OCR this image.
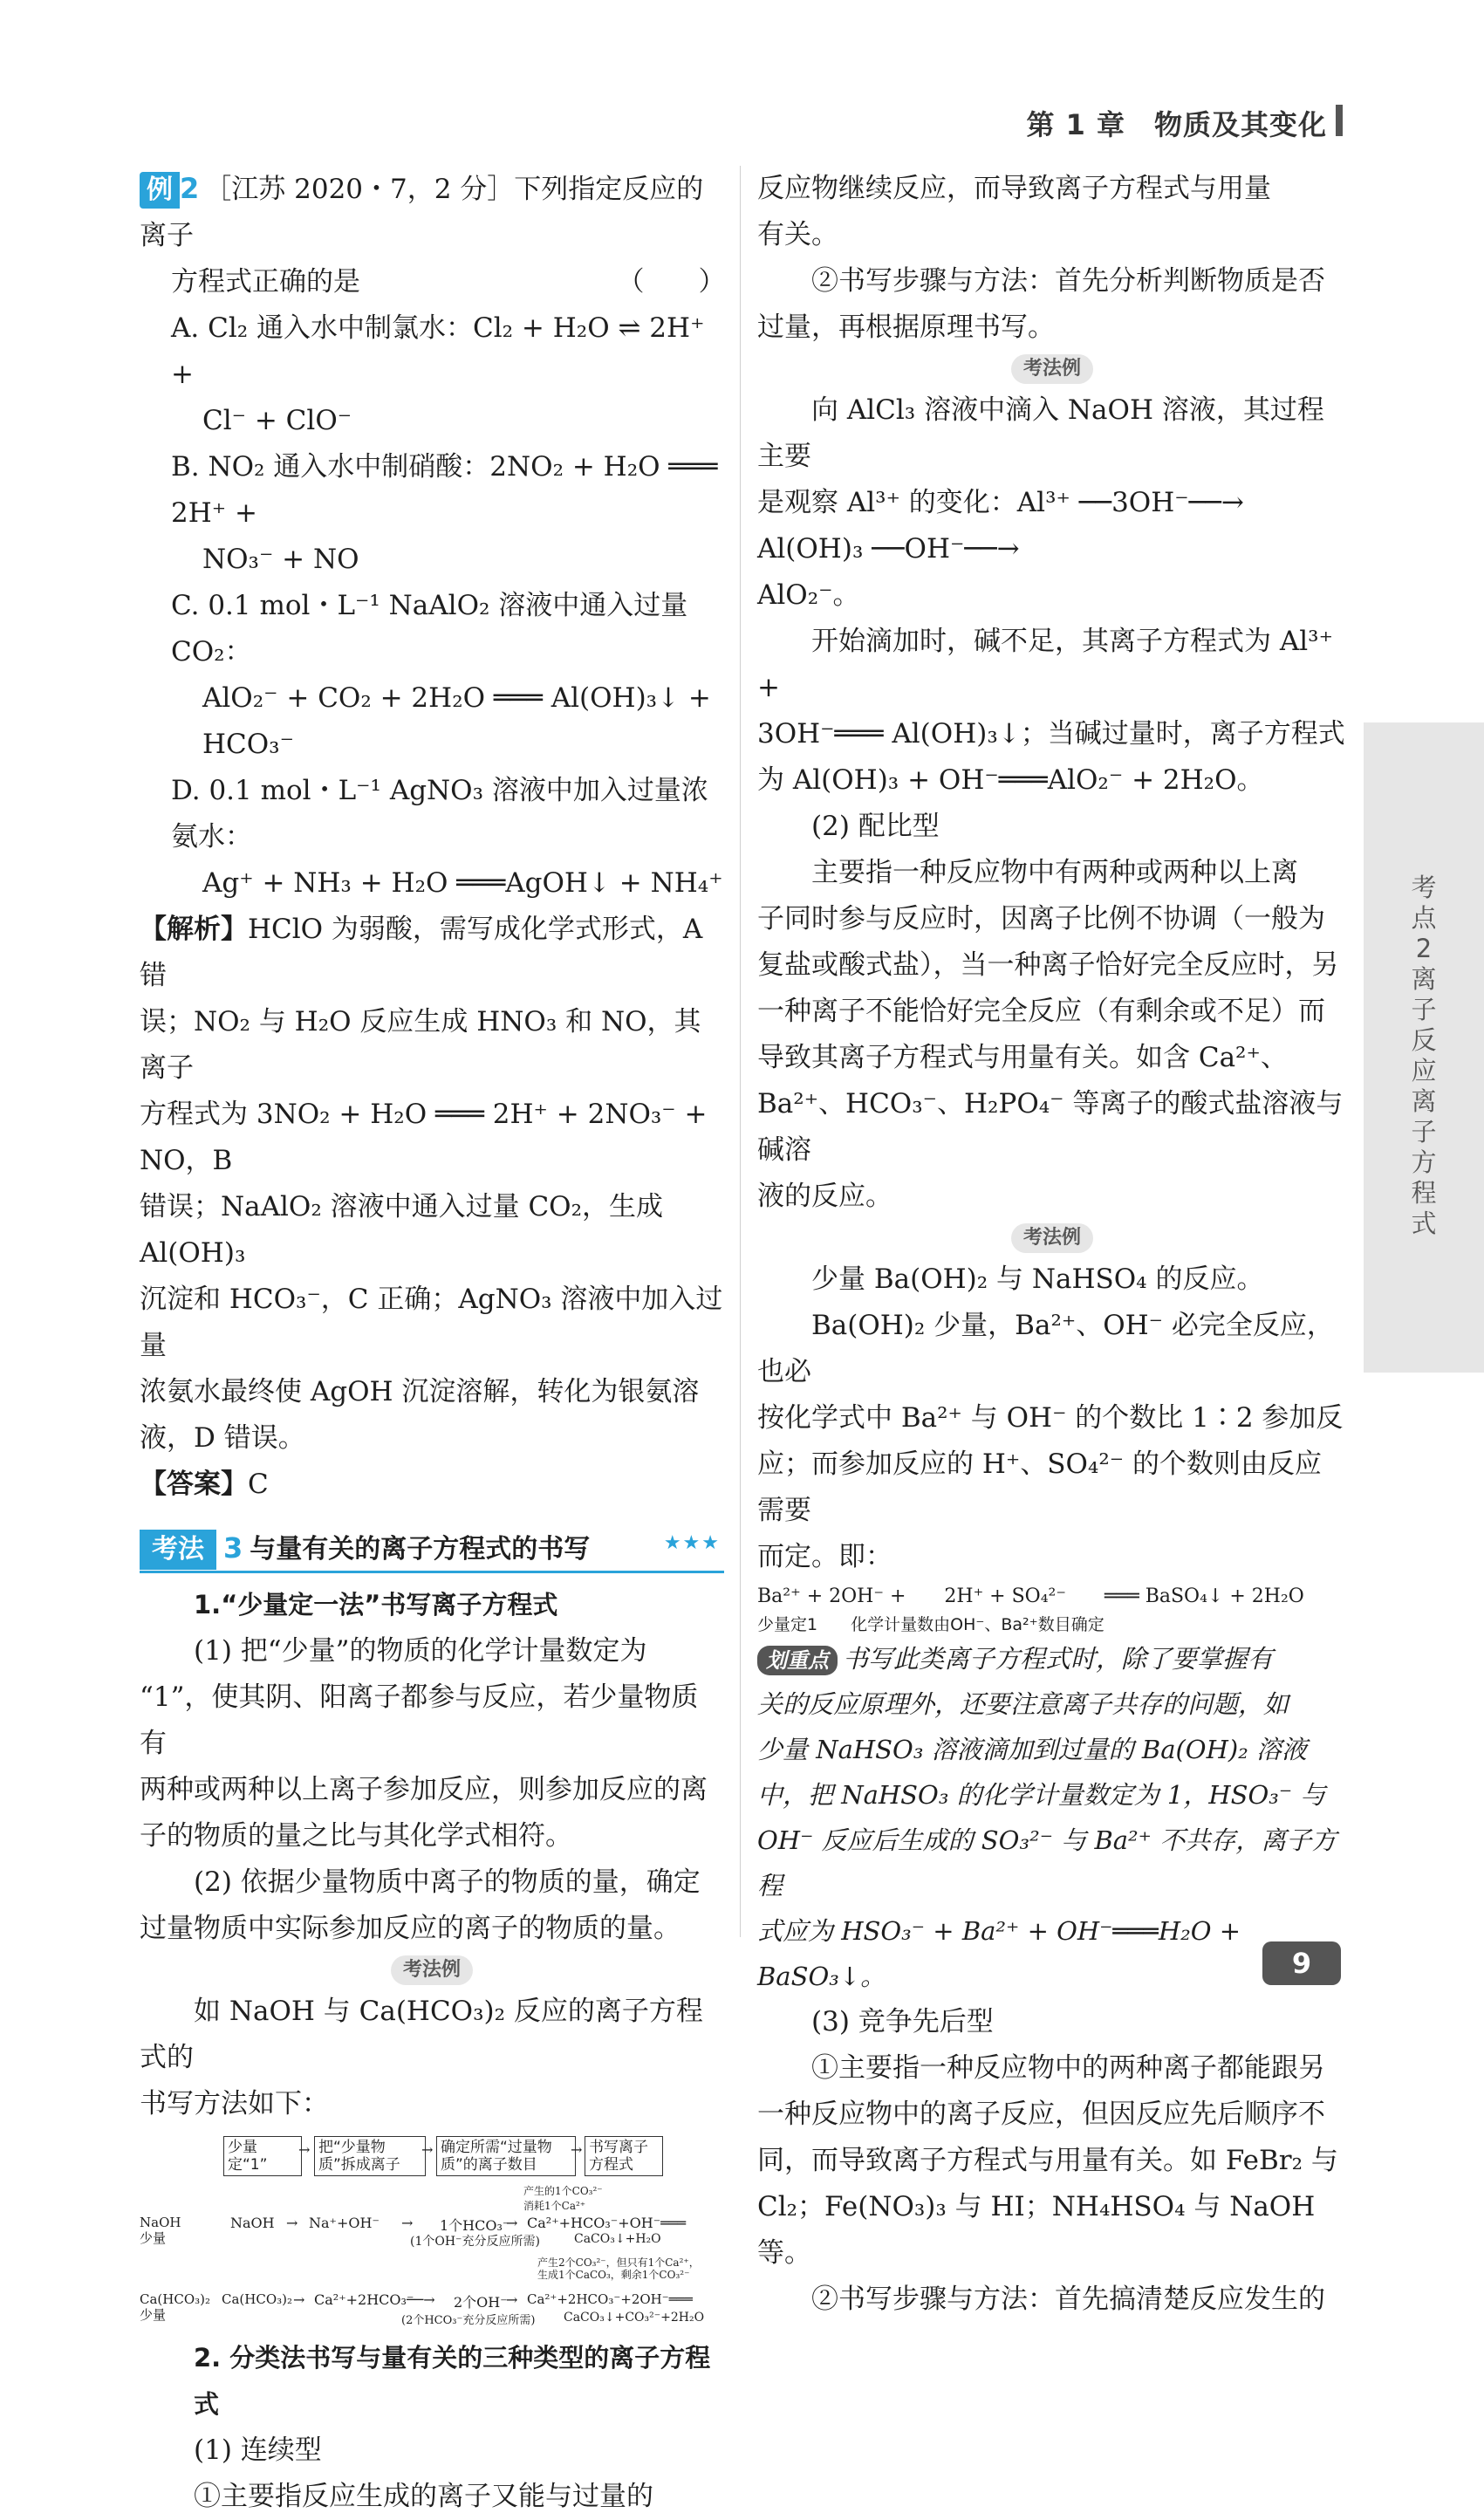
第 1 章　物质及其变化
例 2 ［江苏 2020・7，2 分］下列指定反应的离子

方程式正确的是　　　　　　　　　　（　　）

A. Cl₂ 通入水中制氯水：Cl₂ + H₂O ⇌ 2H⁺ +

Cl⁻ + ClO⁻

B. NO₂ 通入水中制硝酸：2NO₂ + H₂O ═══ 2H⁺ +

NO₃⁻ + NO

C. 0.1 mol・L⁻¹ NaAlO₂ 溶液中通入过量 CO₂：

AlO₂⁻ + CO₂ + 2H₂O ═══ Al(OH)₃↓ + HCO₃⁻

D. 0.1 mol・L⁻¹ AgNO₃ 溶液中加入过量浓氨水：

Ag⁺ + NH₃ + H₂O ═══AgOH↓ + NH₄⁺

【解析】HClO 为弱酸，需写成化学式形式，A 错

误；NO₂ 与 H₂O 反应生成 HNO₃ 和 NO，其离子

方程式为 3NO₂ + H₂O ═══ 2H⁺ + 2NO₃⁻ + NO，B

错误；NaAlO₂ 溶液中通入过量 CO₂，生成 Al(OH)₃

沉淀和 HCO₃⁻，C 正确；AgNO₃ 溶液中加入过量

浓氨水最终使 AgOH 沉淀溶解，转化为银氨溶

液，D 错误。

【答案】C

考法 3 与量有关的离子方程式的书写	★★★

1.“少量定一法”书写离子方程式

(1) 把“少量”的物质的化学计量数定为

“1”，使其阴、阳离子都参与反应，若少量物质有

两种或两种以上离子参加反应，则参加反应的离

子的物质的量之比与其化学式相符。

(2) 依据少量物质中离子的物质的量，确定

过量物质中实际参加反应的离子的物质的量。

考法例

如 NaOH 与 Ca(HCO₃)₂ 反应的离子方程式的

书写方法如下：

少量
定“1”
把“少量物
质”拆成离子
确定所需“过量物
质”的离子数目
书写离子
方程式
→	→	→
产生的1个CO₃²⁻
消耗1个Ca²⁺
NaOH
少量
NaOH → Na⁺+OH⁻ → 1个HCO₃⁻
→ Ca²⁺+HCO₃⁻+OH⁻═══
(1个OH⁻充分反应所需)	CaCO₃↓+H₂O
产生2个CO₃²⁻，但只有1个Ca²⁺，
生成1个CaCO₃，剩余1个CO₃²⁻
Ca(HCO₃)₂
少量
Ca(HCO₃)₂ → Ca²⁺+2HCO₃⁻
──→ 2个OH⁻
→ Ca²⁺+2HCO₃⁻+2OH⁻═══
(2个HCO₃⁻充分反应所需) CaCO₃↓+CO₃²⁻+2H₂O

2. 分类法书写与量有关的三种类型的离子方程式

(1) 连续型

①主要指反应生成的离子又能与过量的

反应物继续反应，而导致离子方程式与用量

有关。

②书写步骤与方法：首先分析判断物质是否

过量，再根据原理书写。

考法例

向 AlCl₃ 溶液中滴入 NaOH 溶液，其过程主要

是观察 Al³⁺ 的变化：Al³⁺ ──3OH⁻──→ Al(OH)₃ ──OH⁻──→

AlO₂⁻。

开始滴加时，碱不足，其离子方程式为 Al³⁺ +

3OH⁻═══ Al(OH)₃↓；当碱过量时，离子方程式

为 Al(OH)₃ + OH⁻═══AlO₂⁻ + 2H₂O。

(2) 配比型

主要指一种反应物中有两种或两种以上离

子同时参与反应时，因离子比例不协调（一般为

复盐或酸式盐），当一种离子恰好完全反应时，另

一种离子不能恰好完全反应（有剩余或不足）而

导致其离子方程式与用量有关。如含 Ca²⁺、

Ba²⁺、HCO₃⁻、H₂PO₄⁻ 等离子的酸式盐溶液与碱溶

液的反应。

考法例

少量 Ba(OH)₂ 与 NaHSO₄ 的反应。

Ba(OH)₂ 少量，Ba²⁺、OH⁻ 必完全反应，也必

按化学式中 Ba²⁺ 与 OH⁻ 的个数比 1∶2 参加反

应；而参加反应的 H⁺、SO₄²⁻ 的个数则由反应需要

而定。即：

Ba²⁺ + 2OH⁻ +　　2H⁺ + SO₄²⁻　　═══ BaSO₄↓ + 2H₂O
少量定1　　 化学计量数由OH⁻、Ba²⁺数目确定

划重点 书写此类离子方程式时，除了要掌握有

关的反应原理外，还要注意离子共存的问题，如

少量 NaHSO₃ 溶液滴加到过量的 Ba(OH)₂ 溶液

中，把 NaHSO₃ 的化学计量数定为 1，HSO₃⁻ 与

OH⁻ 反应后生成的 SO₃²⁻ 与 Ba²⁺ 不共存，离子方程

式应为 HSO₃⁻ + Ba²⁺ + OH⁻═══H₂O + BaSO₃↓。

(3) 竞争先后型

①主要指一种反应物中的两种离子都能跟另

一种反应物中的离子反应，但因反应先后顺序不

同，而导致离子方程式与用量有关。如 FeBr₂ 与

Cl₂；Fe(NO₃)₃ 与 HI；NH₄HSO₄ 与 NaOH 等。

②书写步骤与方法：首先搞清楚反应发生的

考点2 离子反应 离子方程式
9
